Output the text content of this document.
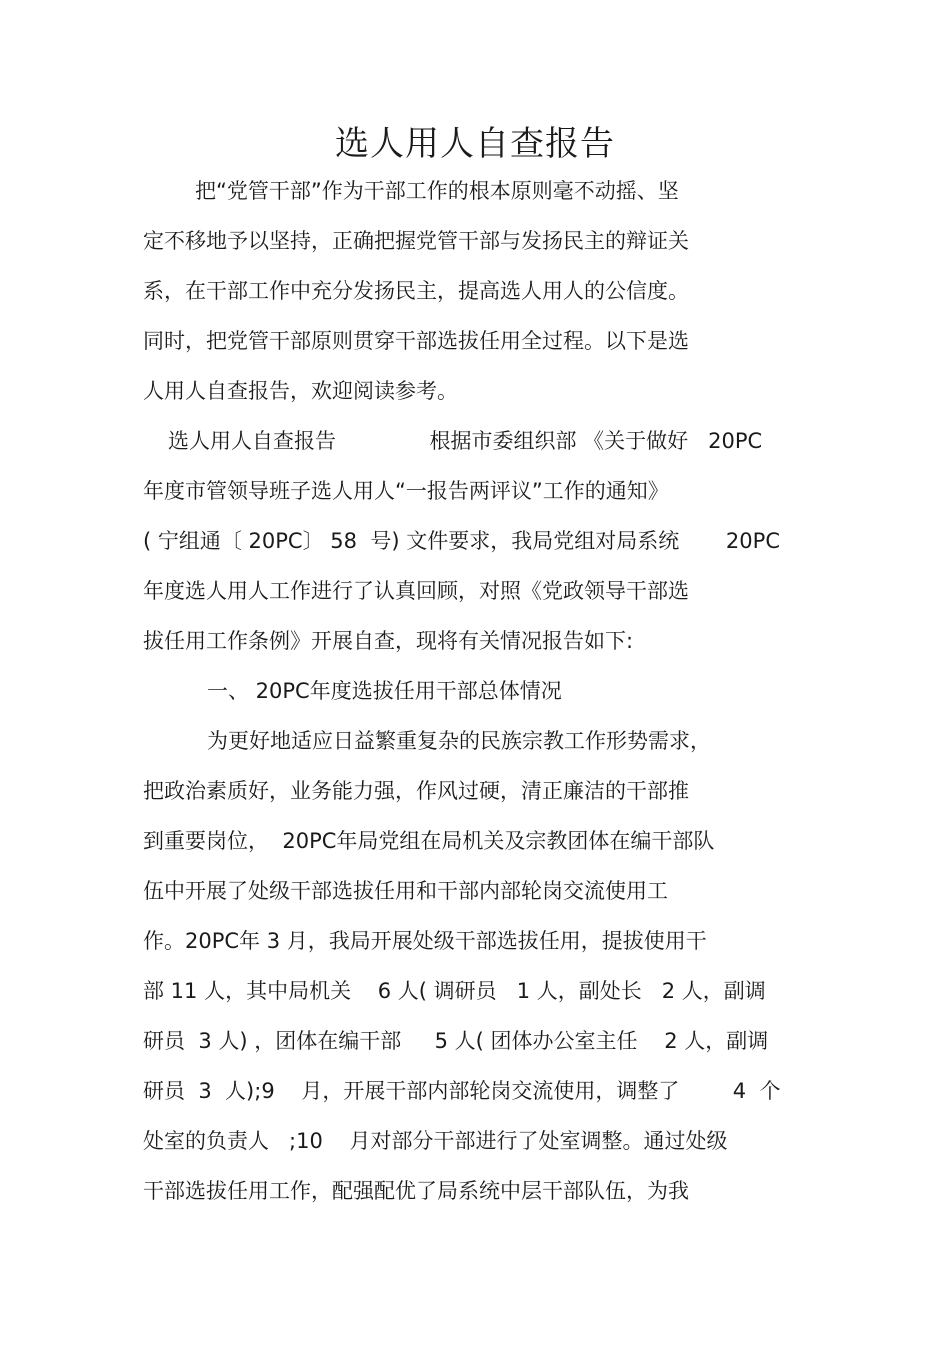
选人用人自查报告

把“党管干部”作为干部工作的根本原则毫不动摇、坚

定不移地予以坚持，正确把握党管干部与发扬民主的辩证关

系，在干部工作中充分发扬民主，提高选人用人的公信度。

同时，把党管干部原则贯穿干部选拔任用全过程。以下是选

人用人自查报告，欢迎阅读参考。

选人用人自查报告              根据市委组织部 《关于做好   20PC

年度市管领导班子选人用人“一报告两评议”工作的通知》

( 宁组通〔 20PC〕 58  号) 文件要求，我局党组对局系统       20PC

年度选人用人工作进行了认真回顾，对照《党政领导干部选

拔任用工作条例》开展自查，现将有关情况报告如下:

一、 20PC年度选拔任用干部总体情况

为更好地适应日益繁重复杂的民族宗教工作形势需求，

把政治素质好，业务能力强，作风过硬，清正廉洁的干部推

到重要岗位，  20PC年局党组在局机关及宗教团体在编干部队

伍中开展了处级干部选拔任用和干部内部轮岗交流使用工

作。20PC年 3 月，我局开展处级干部选拔任用，提拔使用干

部 11 人，其中局机关    6 人( 调研员   1 人，副处长   2 人，副调

研员  3 人) ，团体在编干部     5 人( 团体办公室主任    2 人，副调

研员  3  人);9    月，开展干部内部轮岗交流使用，调整了        4  个

处室的负责人   ;10    月对部分干部进行了处室调整。通过处级

干部选拔任用工作，配强配优了局系统中层干部队伍，为我
